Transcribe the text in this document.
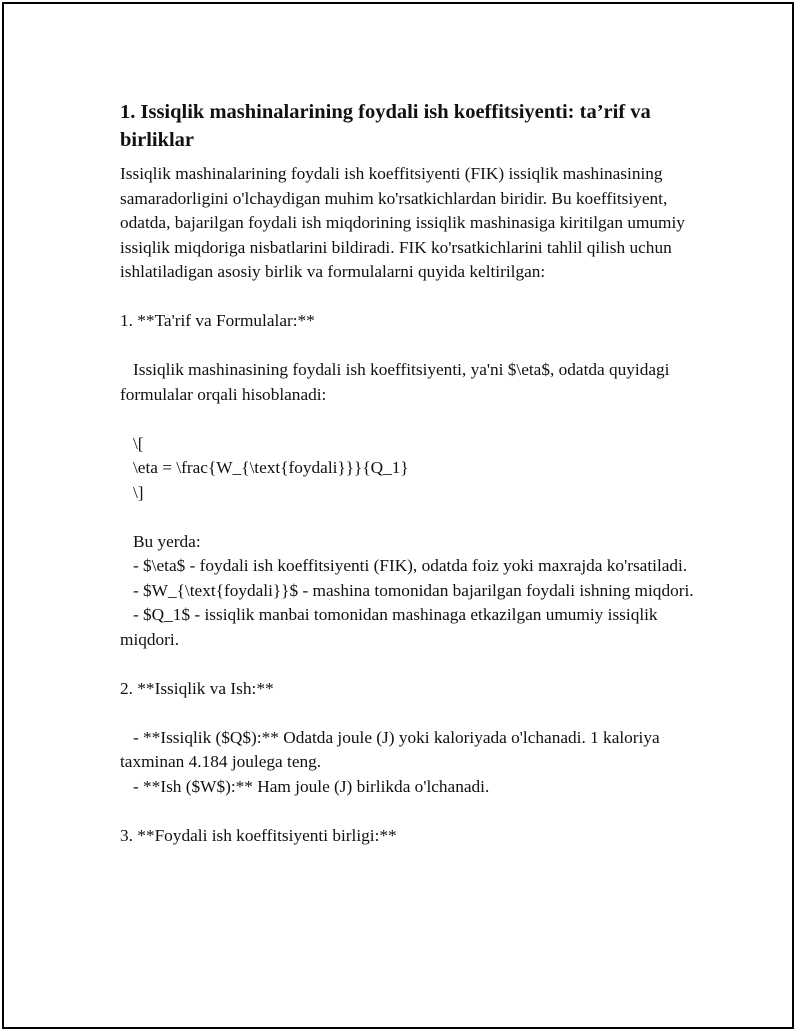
1. Issiqlik mashinalarining foydali ish koeffitsiyenti: ta’rif va birliklar
Issiqlik mashinalarining foydali ish koeffitsiyenti (FIK) issiqlik mashinasining samaradorligini o'lchaydigan muhim ko'rsatkichlardan biridir. Bu koeffitsiyent, odatda, bajarilgan foydali ish miqdorining issiqlik mashinasiga kiritilgan umumiy issiqlik miqdoriga nisbatlarini bildiradi. FIK ko'rsatkichlarini tahlil qilish uchun ishlatiladigan asosiy birlik va formulalarni quyida keltirilgan:
1. **Ta'rif va Formulalar:**
Issiqlik mashinasining foydali ish koeffitsiyenti, ya'ni $\eta$, odatda quyidagi formulalar orqali hisoblanadi:
\[
\eta = \frac{W_{\text{foydali}}}{Q_1}
\]
Bu yerda:
- $\eta$ - foydali ish koeffitsiyenti (FIK), odatda foiz yoki maxrajda ko'rsatiladi.
- $W_{\text{foydali}}$ - mashina tomonidan bajarilgan foydali ishning miqdori.
- $Q_1$ - issiqlik manbai tomonidan mashinaga etkazilgan umumiy issiqlik miqdori.
2. **Issiqlik va Ish:**
- **Issiqlik ($Q$):** Odatda joule (J) yoki kaloriyada o'lchanadi. 1 kaloriya taxminan 4.184 joulega teng.
- **Ish ($W$):** Ham joule (J) birlikda o'lchanadi.
3. **Foydali ish koeffitsiyenti birligi:**
